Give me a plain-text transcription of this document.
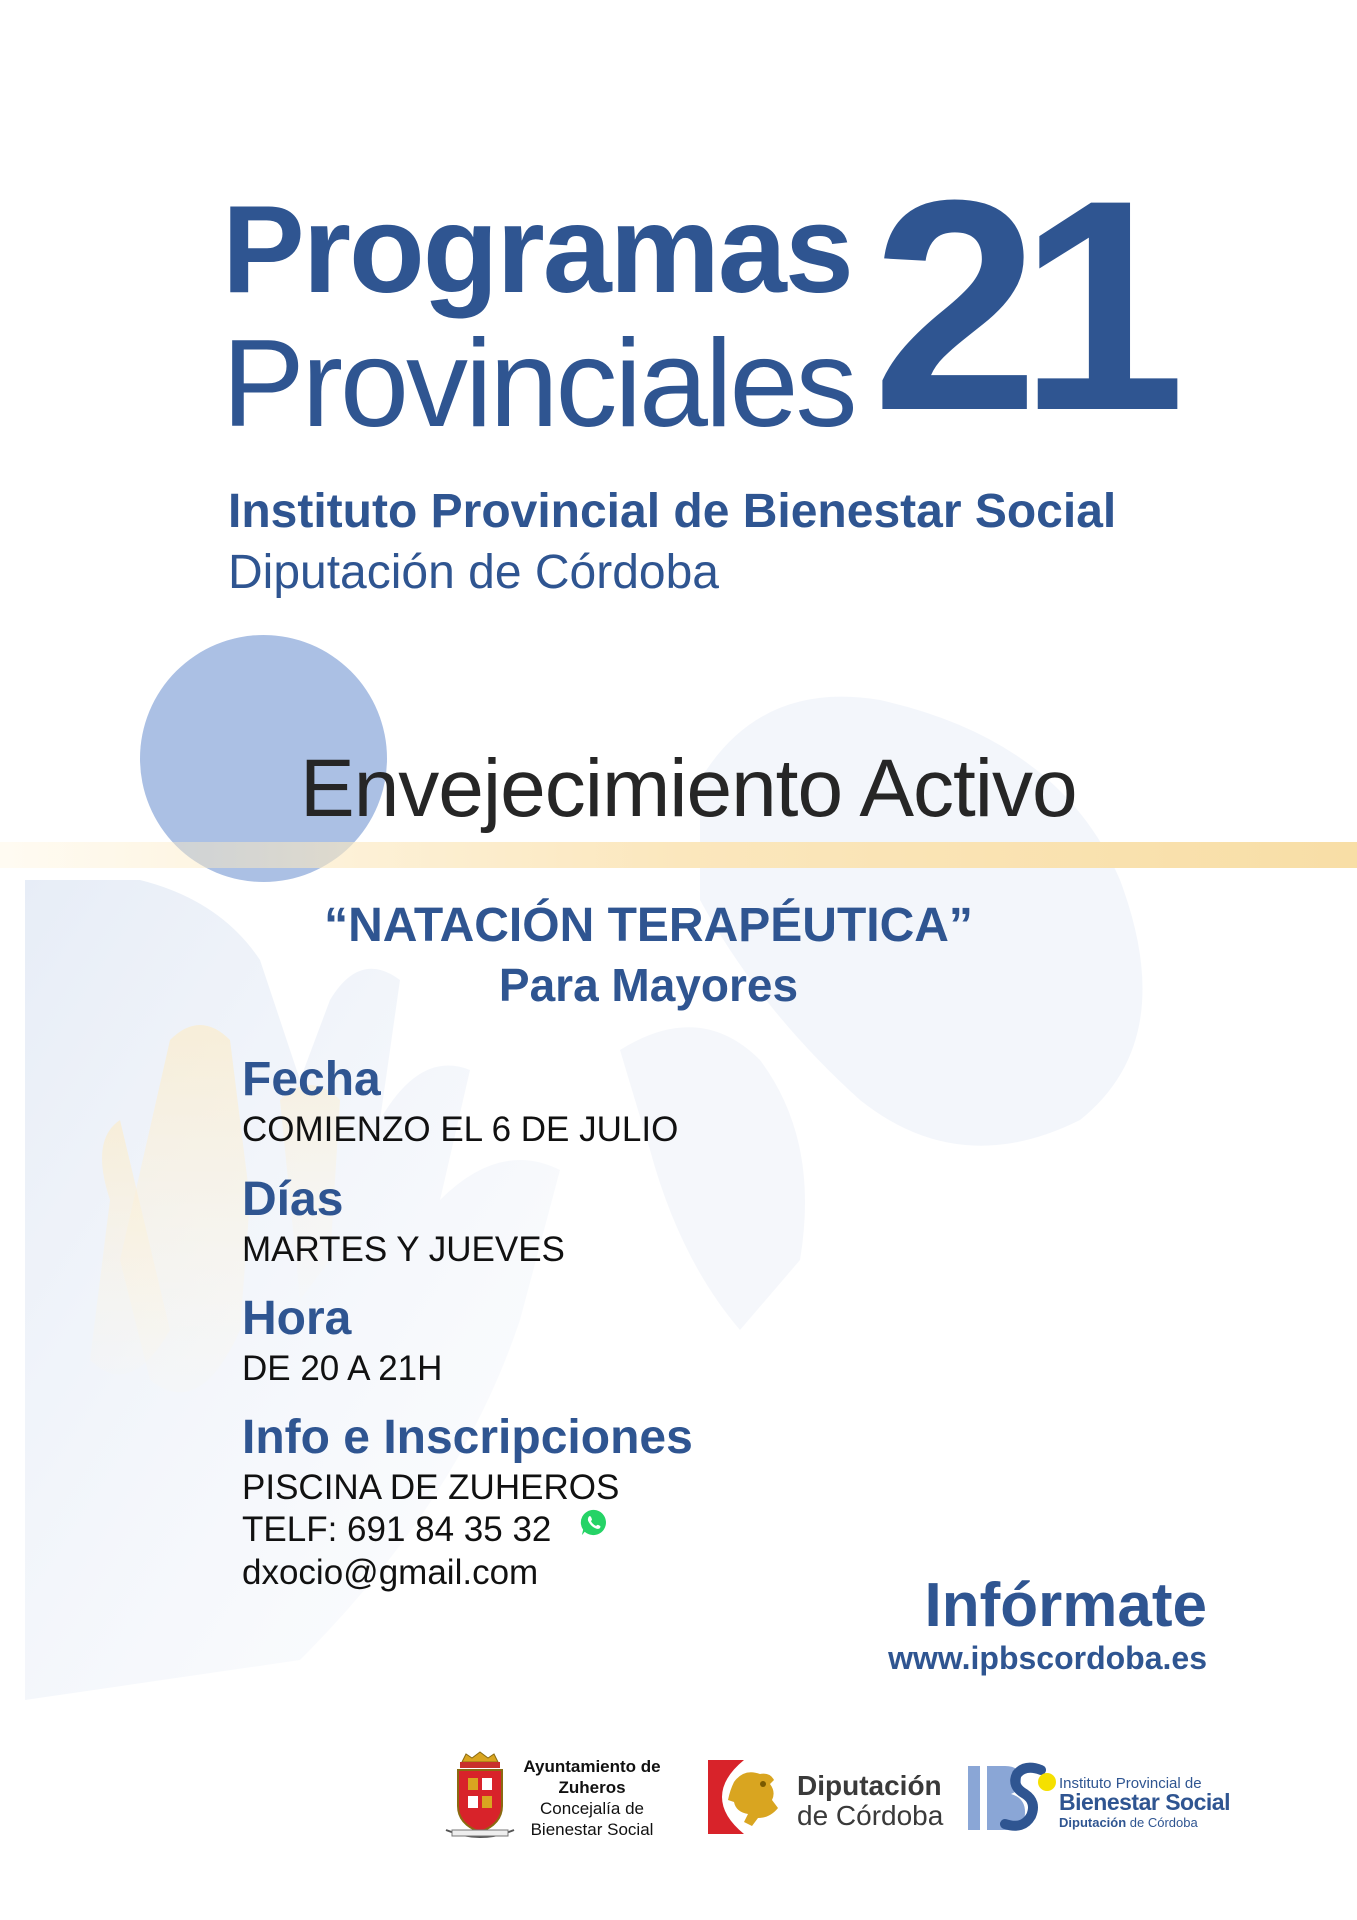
Programas
Provinciales 21
Instituto Provincial de Bienestar Social
Diputación de Córdoba
Envejecimiento Activo
“NATACIÓN TERAPÉUTICA”
Para Mayores
Fecha
COMIENZO EL 6 DE JULIO
Días
MARTES Y JUEVES
Hora
DE 20 A 21H
Info e Inscripciones
PISCINA DE ZUHEROS
TELF: 691 84 35 32
dxocio@gmail.com	Infórmate
www.ipbscordoba.es
Ayuntamiento de
Zuheros
Concejalía de
Bienestar Social
Diputación
de Córdoba
Instituto Provincial de
Bienestar Social
Diputación de Córdoba
